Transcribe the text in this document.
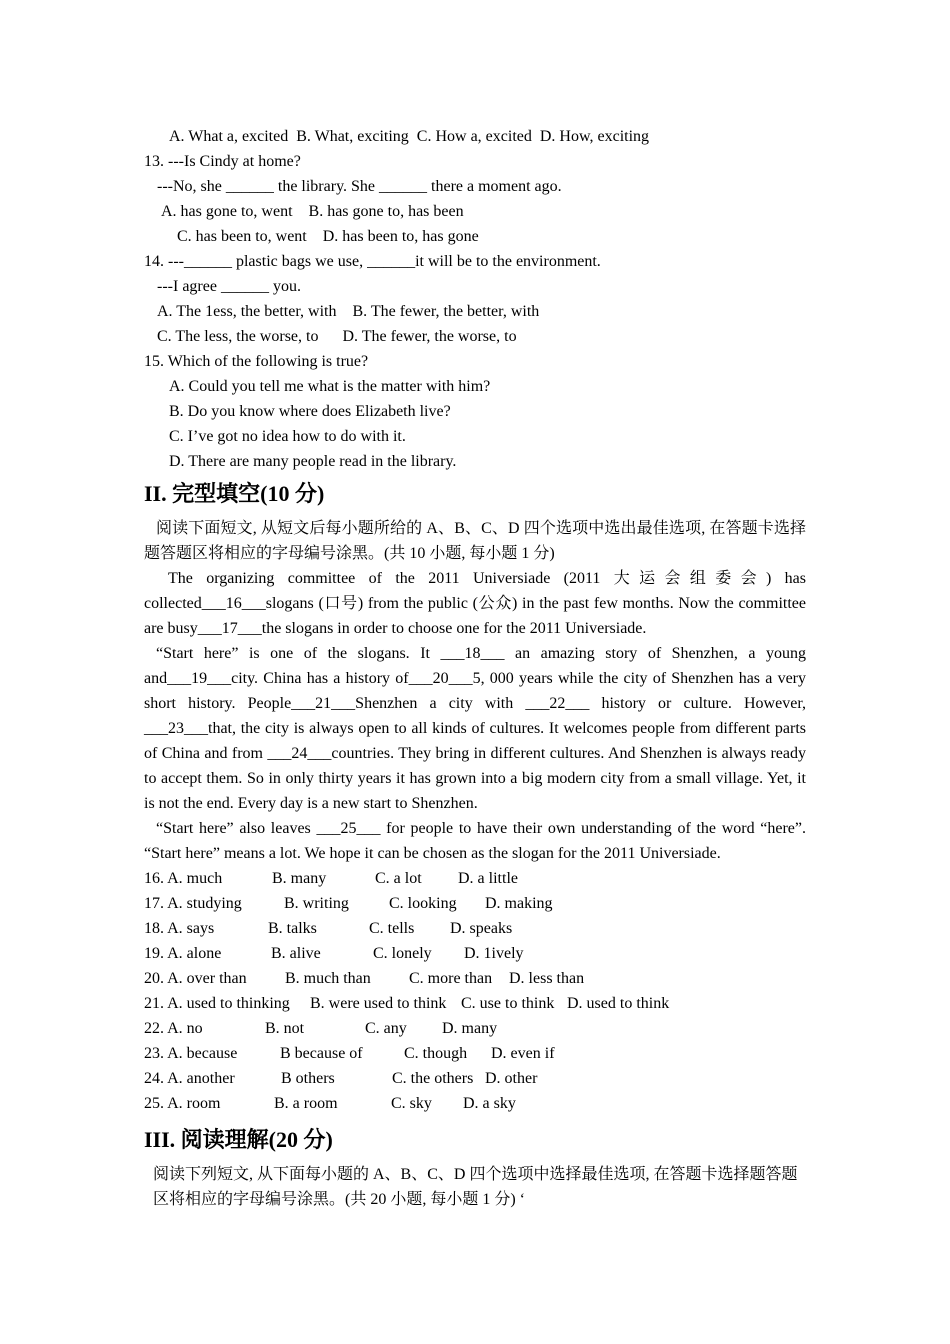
A. What a, excited  B. What, exciting  C. How a, excited  D. How, exciting
13. ---Is Cindy at home?
---No, she ______ the library. She ______ there a moment ago.
A. has gone to, went    B. has gone to, has been
C. has been to, went    D. has been to, has gone
14. ---______ plastic bags we use, ______it will be to the environment.
---I agree ______ you.
A. The 1ess, the better, with    B. The fewer, the better, with
C. The less, the worse, to      D. The fewer, the worse, to
15. Which of the following is true?
A. Could you tell me what is the matter with him?
B. Do you know where does Elizabeth live?
C. I’ve got no idea how to do with it.
D. There are many people read in the library.
II. 完型填空(10 分)

阅读下面短文, 从短文后每小题所给的 A、B、C、D 四个选项中选出最佳选项, 在答题卡选择题答题区将相应的字母编号涂黑。(共 10 小题, 每小题 1 分)

The organizing committee of the 2011 Universiade (2011 大运会组委会) has collected___16___slogans (口号) from the public (公众) in the past few months. Now the committee are busy___17___the slogans in order to choose one for the 2011 Universiade.

“Start here” is one of the slogans. It ___18___ an amazing story of Shenzhen, a young and___19___city. China has a history of___20___5, 000 years while the city of Shenzhen has a very short history. People___21___Shenzhen a city with ___22___ history or culture. However, ___23___that, the city is always open to all kinds of cultures. It welcomes people from different parts of China and from ___24___countries. They bring in different cultures. And Shenzhen is always ready to accept them. So in only thirty years it has grown into a big modern city from a small village. Yet, it is not the end. Every day is a new start to Shenzhen.

“Start here” also leaves ___25___ for people to have their own understanding of the word “here”. “Start here” means a lot. We hope it can be chosen as the slogan for the 2011 Universiade.

16. A. much	B. many	C. a lot	D. a little
17. A. studying	B. writing	C. looking	D. making
18. A. says	B. talks	C. tells	D. speaks
19. A. alone	B. alive	C. lonely	D. 1ively
20. A. over than	B. much than	C. more than	D. less than
21. A. used to thinking	B. were used to think C. use to think D. used to think
22. A. no	B. not	C. any	D. many
23. A. because	B because of	C. though	D. even if
24. A. another	B others	C. the others D. other
25. A. room	B. a room	C. sky	D. a sky
III. 阅读理解(20 分)

阅读下列短文, 从下面每小题的 A、B、C、D 四个选项中选择最佳选项, 在答题卡选择题答题区将相应的字母编号涂黑。(共 20 小题, 每小题 1 分) ‘
